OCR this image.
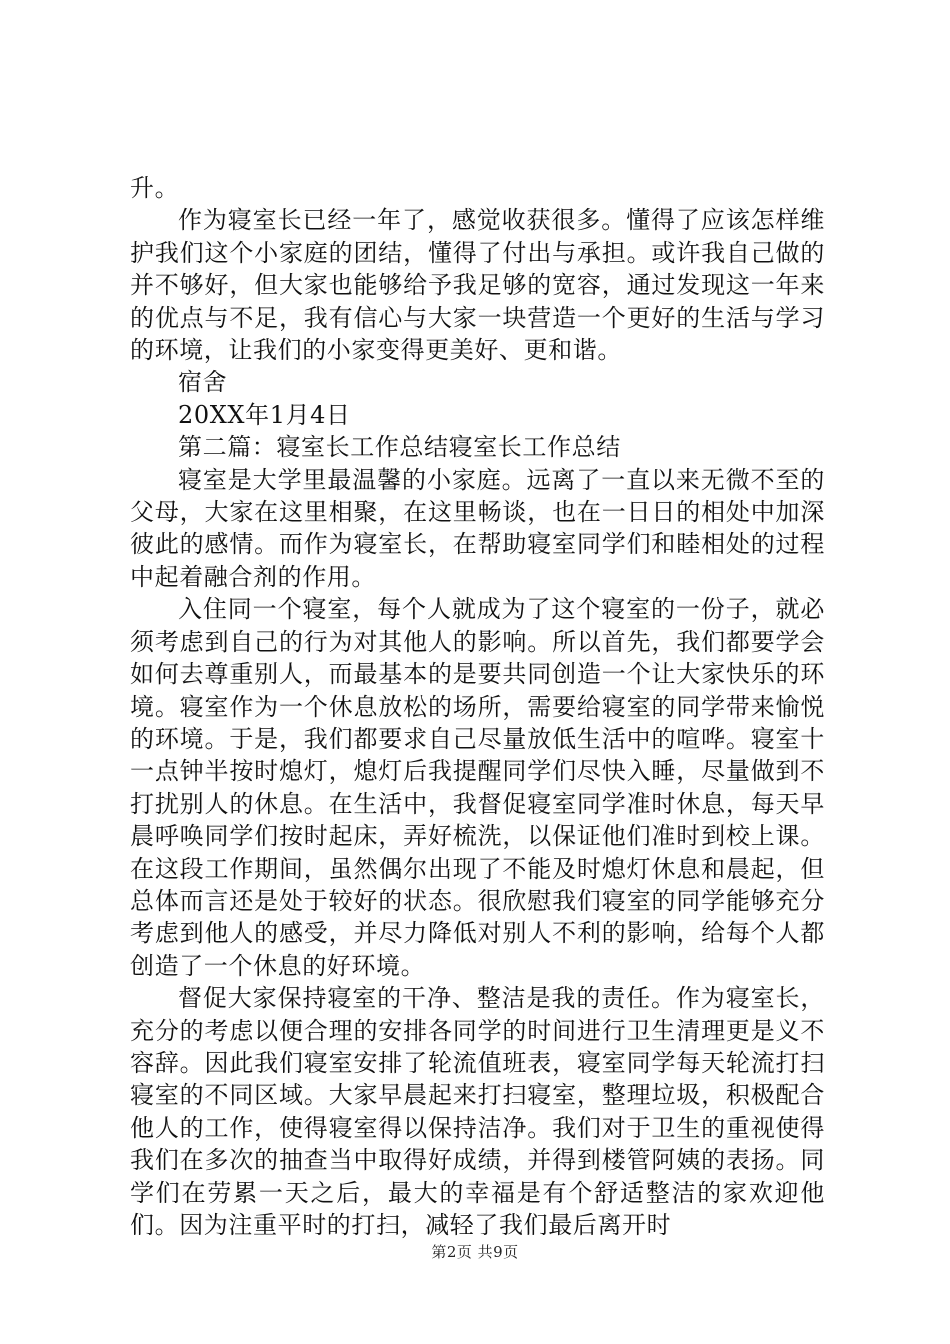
升。

作为寝室长已经一年了，感觉收获很多。懂得了应该怎样维护我们这个小家庭的团结，懂得了付出与承担。或许我自己做的并不够好，但大家也能够给予我足够的宽容，通过发现这一年来的优点与不足，我有信心与大家一块营造一个更好的生活与学习的环境，让我们的小家变得更美好、更和谐。

宿舍

20XX年1月4日

第二篇：寝室长工作总结寝室长工作总结

寝室是大学里最温馨的小家庭。远离了一直以来无微不至的父母，大家在这里相聚，在这里畅谈，也在一日日的相处中加深彼此的感情。而作为寝室长，在帮助寝室同学们和睦相处的过程中起着融合剂的作用。

入住同一个寝室，每个人就成为了这个寝室的一份子，就必须考虑到自己的行为对其他人的影响。所以首先，我们都要学会如何去尊重别人，而最基本的是要共同创造一个让大家快乐的环境。寝室作为一个休息放松的场所，需要给寝室的同学带来愉悦的环境。于是，我们都要求自己尽量放低生活中的喧哗。寝室十一点钟半按时熄灯，熄灯后我提醒同学们尽快入睡，尽量做到不打扰别人的休息。在生活中，我督促寝室同学准时休息，每天早晨呼唤同学们按时起床，弄好梳洗，以保证他们准时到校上课。在这段工作期间，虽然偶尔出现了不能及时熄灯休息和晨起，但总体而言还是处于较好的状态。很欣慰我们寝室的同学能够充分考虑到他人的感受，并尽力降低对别人不利的影响，给每个人都创造了一个休息的好环境。

督促大家保持寝室的干净、整洁是我的责任。作为寝室长，充分的考虑以便合理的安排各同学的时间进行卫生清理更是义不容辞。因此我们寝室安排了轮流值班表，寝室同学每天轮流打扫寝室的不同区域。大家早晨起来打扫寝室，整理垃圾，积极配合他人的工作，使得寝室得以保持洁净。我们对于卫生的重视使得我们在多次的抽查当中取得好成绩，并得到楼管阿姨的表扬。同学们在劳累一天之后，最大的幸福是有个舒适整洁的家欢迎他们。因为注重平时的打扫，减轻了我们最后离开时

第2页 共9页
